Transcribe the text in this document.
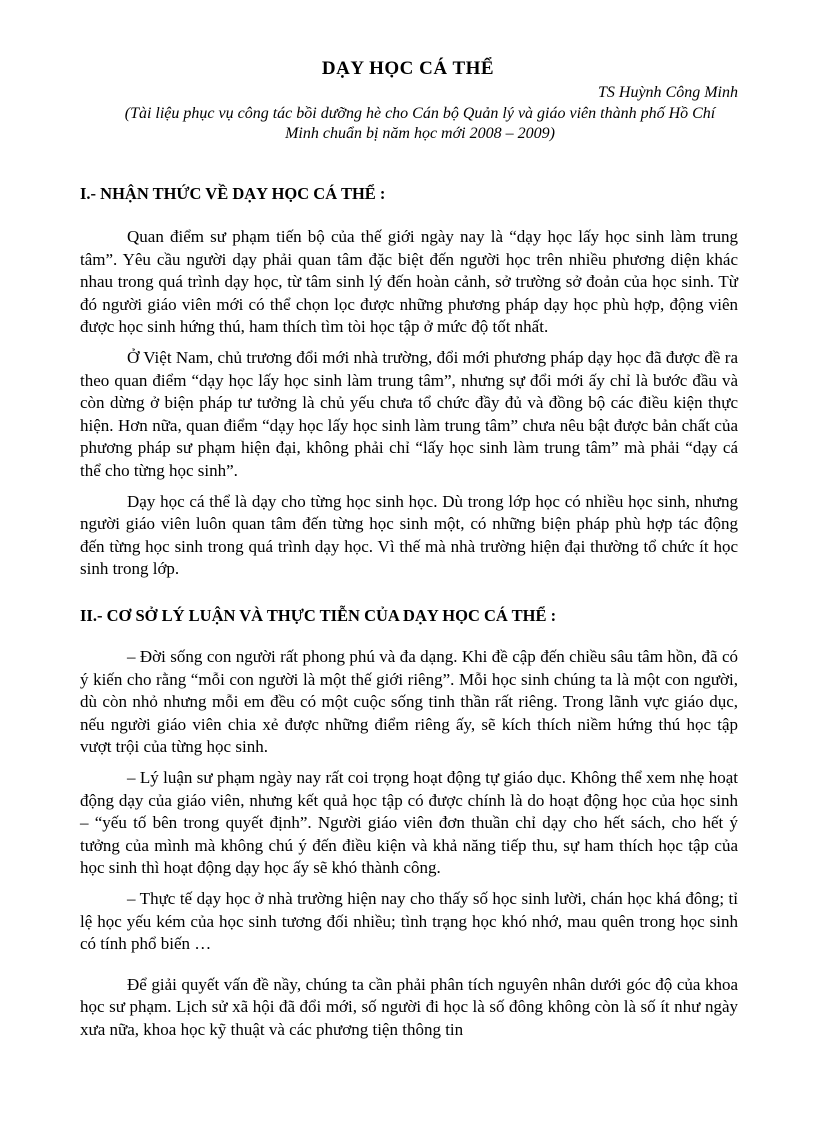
DẠY HỌC CÁ THỂ

TS Huỳnh Công Minh

(Tài liệu phục vụ công tác bồi dưỡng hè cho Cán bộ Quản lý và giáo viên thành phố Hồ Chí Minh chuẩn bị năm học mới 2008 – 2009)

I.- NHẬN THỨC VỀ DẠY HỌC CÁ THỂ :

Quan điểm sư phạm tiến bộ của thế giới ngày nay là “dạy học lấy học sinh làm trung tâm”. Yêu cầu người dạy phải quan tâm đặc biệt đến người học trên nhiều phương diện khác nhau trong quá trình dạy học, từ tâm sinh lý đến hoàn cảnh, sở trường sở đoản của học sinh. Từ đó người giáo viên mới có thể chọn lọc được những phương pháp dạy học phù hợp, động viên được học sinh hứng thú, ham thích tìm tòi học tập ở mức độ tốt nhất.

Ở Việt Nam, chủ trương đổi mới nhà trường, đổi mới phương pháp dạy học đã được đề ra theo quan điểm “dạy học lấy học sinh làm trung tâm”, nhưng sự đổi mới ấy chỉ là bước đầu và còn dừng ở biện pháp tư tưởng là chủ yếu chưa tổ chức đầy đủ và đồng bộ các điều kiện thực hiện. Hơn nữa, quan điểm “dạy học lấy học sinh làm trung tâm” chưa nêu bật được bản chất của phương pháp sư phạm hiện đại, không phải chỉ “lấy học sinh làm trung tâm” mà phải “dạy cá thể cho từng học sinh”.

Dạy học cá thể là dạy cho từng học sinh học. Dù trong lớp học có nhiều học sinh, nhưng người giáo viên luôn quan tâm đến từng học sinh một, có những biện pháp phù hợp tác động đến từng học sinh trong quá trình dạy học. Vì thế mà nhà trường hiện đại thường tổ chức ít học sinh trong lớp.

II.- CƠ SỞ LÝ LUẬN VÀ THỰC TIỄN CỦA DẠY HỌC CÁ THỂ :

– Đời sống con người rất phong phú và đa dạng. Khi đề cập đến chiều sâu tâm hồn, đã có ý kiến cho rằng “mỗi con người là một thế giới riêng”. Mỗi học sinh chúng ta là một con người, dù còn nhỏ nhưng mỗi em đều có một cuộc sống tinh thần rất riêng. Trong lãnh vực giáo dục, nếu người giáo viên chia xẻ được những điểm riêng ấy, sẽ kích thích niềm hứng thú học tập vượt trội của từng học sinh.

– Lý luận sư phạm ngày nay rất coi trọng hoạt động tự giáo dục. Không thể xem nhẹ hoạt động dạy của giáo viên, nhưng kết quả học tập có được chính là do hoạt động học của học sinh – “yếu tố bên trong quyết định”. Người giáo viên đơn thuần chỉ dạy cho hết sách, cho hết ý tưởng của mình mà không chú ý đến điều kiện và khả năng tiếp thu, sự ham thích học tập của học sinh thì hoạt động dạy học ấy sẽ khó thành công.

– Thực tế dạy học ở nhà trường hiện nay cho thấy số học sinh lười, chán học khá đông; tỉ lệ học yếu kém của học sinh tương đối nhiều; tình trạng học khó nhớ, mau quên trong học sinh có tính phổ biến …

Để giải quyết vấn đề nầy, chúng ta cần phải phân tích nguyên nhân dưới góc độ của khoa học sư phạm. Lịch sử xã hội đã đổi mới, số người đi học là số đông không còn là số ít như ngày xưa nữa, khoa học kỹ thuật và các phương tiện thông tin
